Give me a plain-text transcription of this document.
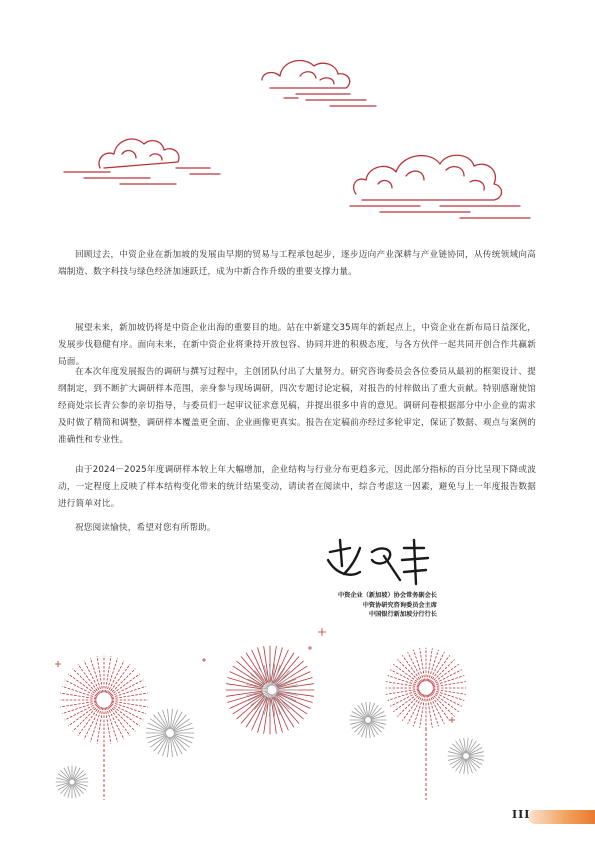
回顾过去，中资企业在新加坡的发展由早期的贸易与工程承包起步，逐步迈向产业深耕与产业链协同，从传统领域向高端制造、数字科技与绿色经济加速跃迁，成为中新合作升级的重要支撑力量。

展望未来，新加坡仍将是中资企业出海的重要目的地。站在中新建交35周年的新起点上，中资企业在新布局日益深化，发展步伐稳健有序。面向未来，在新中资企业将秉持开放包容、协同并进的积极态度，与各方伙伴一起共同开创合作共赢新局面。

在本次年度发展报告的调研与撰写过程中，主创团队付出了大量努力。研究咨询委员会各位委员从最初的框架设计、提纲制定，到不断扩大调研样本范围，亲身参与现场调研，四次专题讨论定稿，对报告的付梓做出了重大贡献。特别感谢使馆经商处宗长青公参的亲切指导，与委员们一起审议征求意见稿，并提出很多中肯的意见。调研问卷根据部分中小企业的需求及时做了精简和调整，调研样本覆盖更全面、企业画像更真实。报告在定稿前亦经过多轮审定，保证了数据、观点与案例的准确性和专业性。

由于2024－2025年度调研样本较上年大幅增加，企业结构与行业分布更趋多元，因此部分指标的百分比呈现下降或波动，一定程度上反映了样本结构变化带来的统计结果变动，请读者在阅读中，综合考虑这一因素，避免与上一年度报告数据进行简单对比。

祝您阅读愉快，希望对您有所帮助。

中资企业（新加坡）协会常务副会长
中资协研究咨询委员会主席
中国银行新加坡分行行长
III
